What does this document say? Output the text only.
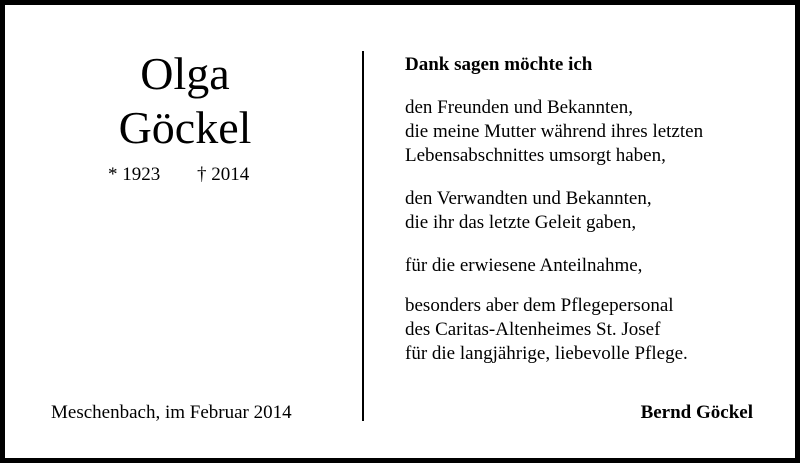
Olga
Göckel
* 1923 † 2014
Meschenbach, im Februar 2014
Dank sagen möchte ich
den Freunden und Bekannten,
die meine Mutter während ihres letzten
Lebensabschnittes umsorgt haben,
den Verwandten und Bekannten,
die ihr das letzte Geleit gaben,
für die erwiesene Anteilnahme,
besonders aber dem Pflegepersonal
des Caritas-Altenheimes St. Josef
für die langjährige, liebevolle Pflege.
Bernd Göckel
